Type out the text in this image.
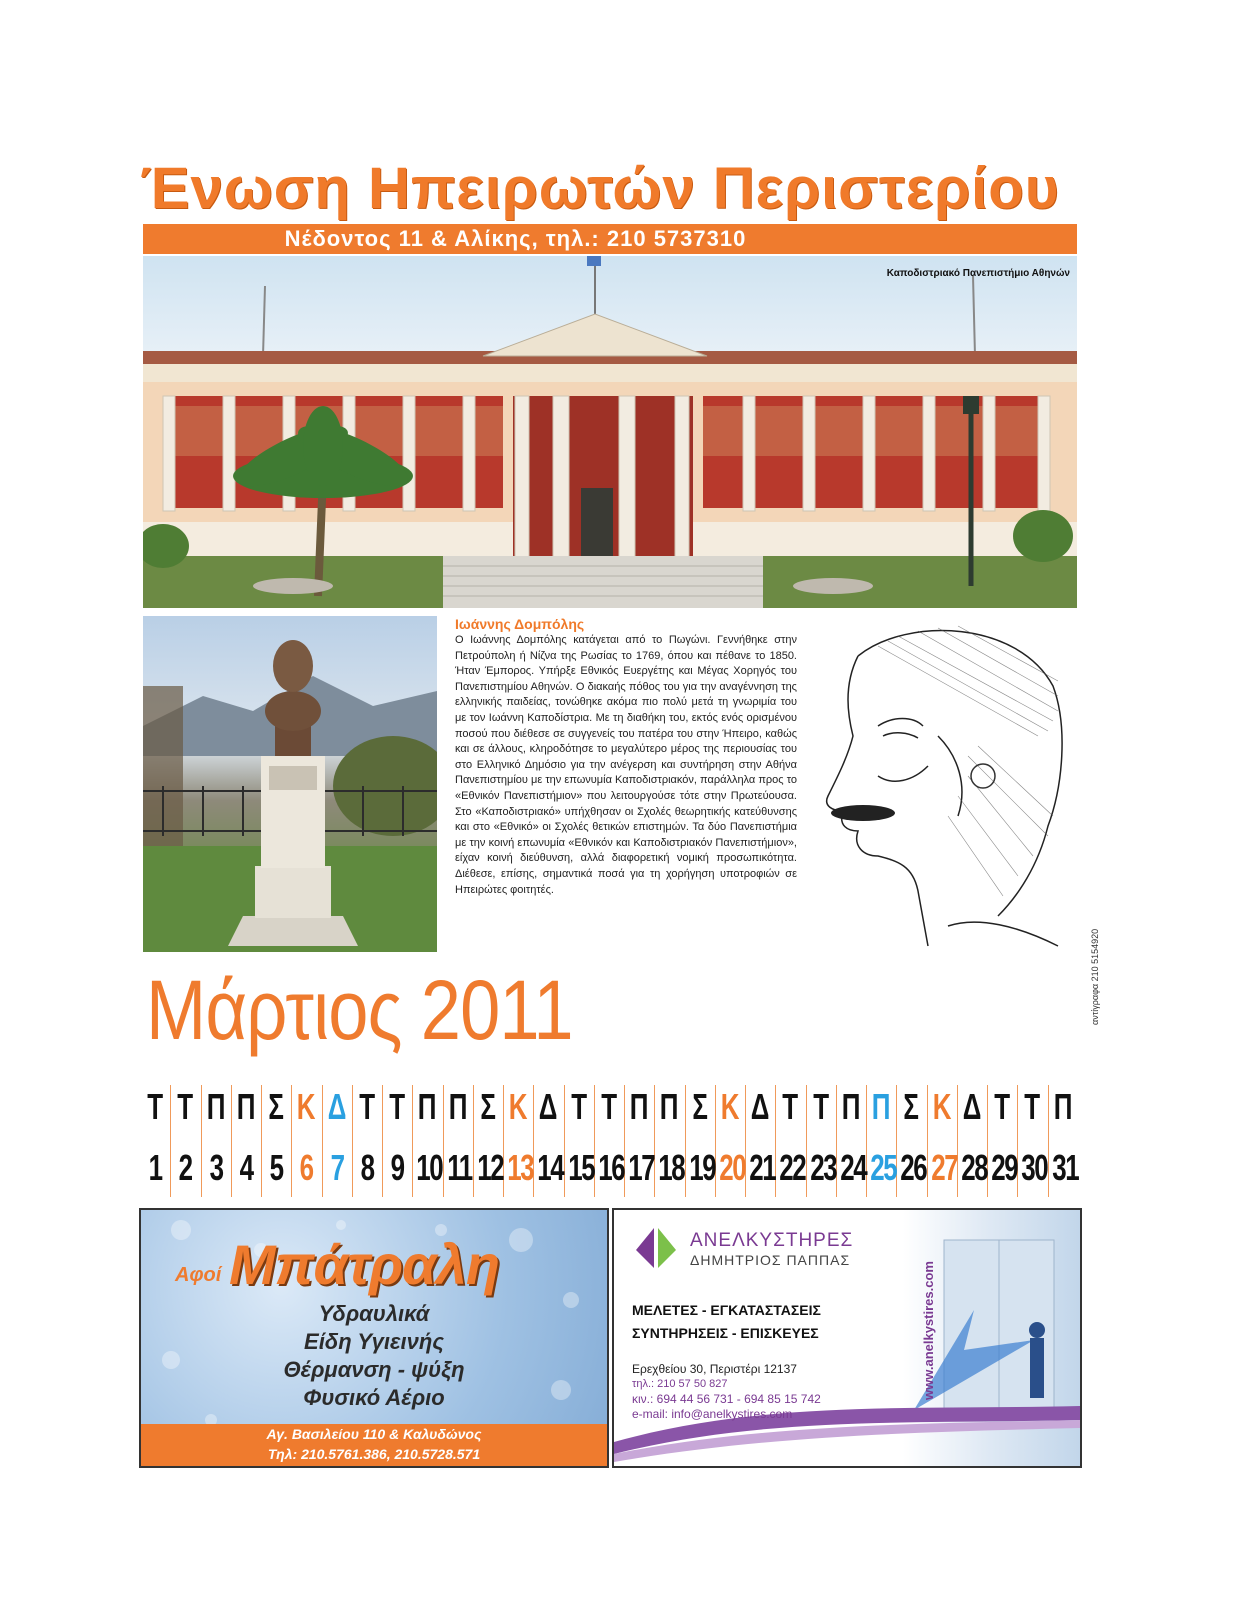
Ένωση Ηπειρωτών Περιστερίου
Νέδοντος 11 & Αλίκης, τηλ.: 210 5737310
Καποδιστριακό Πανεπιστήμιο Αθηνών
Ιωάννης Δομπόλης
Ο Ιωάννης Δομπόλης κατάγεται από το Πωγώνι. Γεννήθηκε στην Πετρούπολη ή Νίζνα της Ρωσίας το 1769, όπου και πέθανε το 1850. Ήταν Έμπορος. Υπήρξε Εθνικός Ευεργέτης και Μέγας Χορηγός του Πανεπιστημίου Αθηνών. Ο διακαής πόθος του για την αναγέννηση της ελληνικής παιδείας, τονώθηκε ακόμα πιο πολύ μετά τη γνωριμία του με τον Ιωάννη Καποδίστρια. Με τη διαθήκη του, εκτός ενός ορισμένου ποσού που διέθεσε σε συγγενείς του πατέρα του στην Ήπειρο, καθώς και σε άλλους, κληροδότησε το μεγαλύτερο μέρος της περιουσίας του στο Ελληνικό Δημόσιο για την ανέγερση και συντήρηση στην Αθήνα Πανεπιστημίου με την επωνυμία Καποδιστριακόν, παράλληλα προς το «Εθνικόν Πανεπιστήμιον» που λειτουργούσε τότε στην Πρωτεύουσα. Στο «Καποδιστριακό» υπήχθησαν οι Σχολές θεωρητικής κατεύθυνσης και στο «Εθνικό» οι Σχολές θετικών επιστημών. Τα δύο Πανεπιστήμια με την κοινή επωνυμία «Εθνικόν και Καποδιστριακόν Πανεπιστήμιον», είχαν κοινή διεύθυνση, αλλά διαφορετική νομική προσωπικότητα. Διέθεσε, επίσης, σημαντικά ποσά για τη χορήγηση υποτροφιών σε Ηπειρώτες φοιτητές.
αντίγραφα 210 5154920
Μάρτιος 2011
Τ
1
Τ
2
Π
3
Π
4
Σ
5
Κ
6
Δ
7
Τ
8
Τ
9
Π
10
Π
11
Σ
12
Κ
13
Δ
14
Τ
15
Τ
16
Π
17
Π
18
Σ
19
Κ
20
Δ
21
Τ
22
Τ
23
Π
24
Π
25
Σ
26
Κ
27
Δ
28
Τ
29
Τ
30
Π
31
Αφοί Μπάτραλη
Υδραυλικά
Είδη Υγιεινής
Θέρμανση - ψύξη
Φυσικό Αέριο
Αγ. Βασιλείου 110 & Καλυδώνος
Τηλ: 210.5761.386, 210.5728.571
ΑΝΕΛΚΥΣΤΗΡΕΣ
ΔΗΜΗΤΡΙΟΣ ΠΑΠΠΑΣ
ΜΕΛΕΤΕΣ - ΕΓΚΑΤΑΣΤΑΣΕΙΣ
ΣΥΝΤΗΡΗΣΕΙΣ - ΕΠΙΣΚΕΥΕΣ
Ερεχθείου 30, Περιστέρι 12137
τηλ.: 210 57 50 827
κιν.: 694 44 56 731 - 694 85 15 742
e-mail: info@anelkystires.com
www.anelkystires.com
